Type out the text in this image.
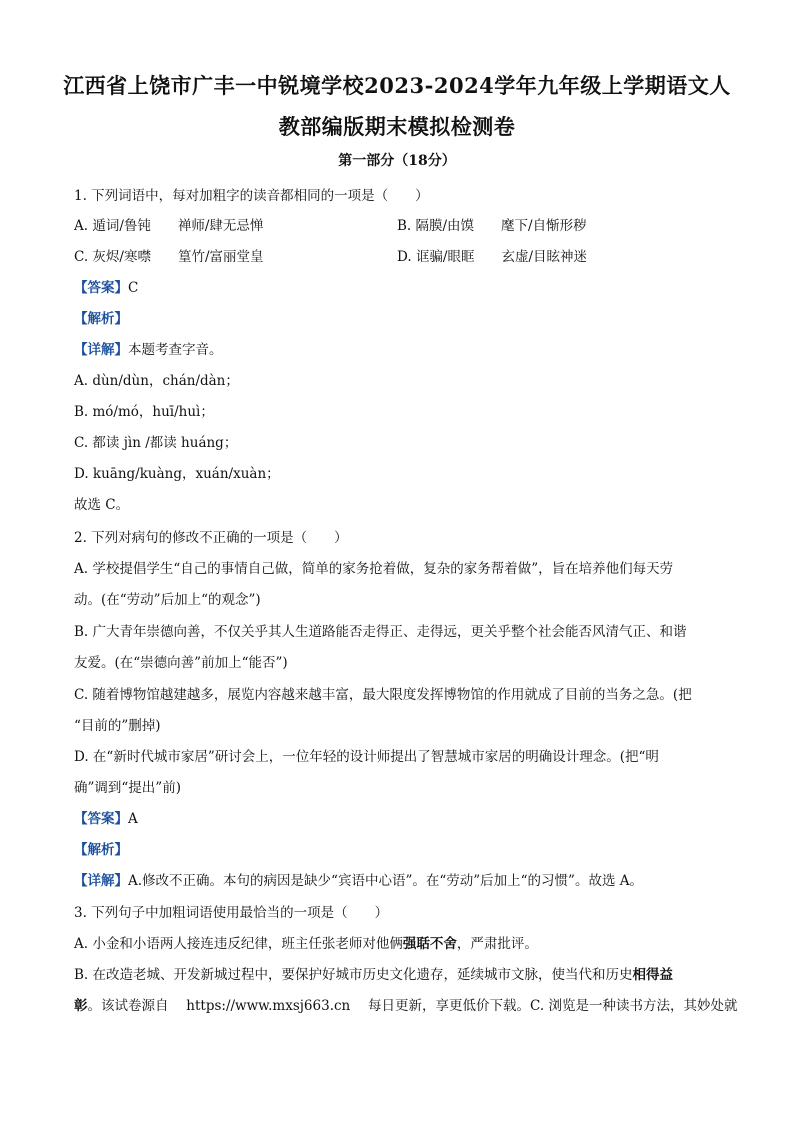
江西省上饶市广丰一中锐境学校2023-2024学年九年级上学期语文人
教部编版期末模拟检测卷
第一部分（18分）
1. 下列词语中，每对加粗字的读音都相同的一项是（　　）
A. 遁词/鲁钝　　禅师/肆无忌惮	B. 隔膜/由馍　　麾下/自惭形秽
C. 灰烬/寒噤　　篁竹/富丽堂皇	D. 诓骗/眼眶　　玄虚/目眩神迷
【答案】C
【解析】
【详解】本题考查字音。
A. dùn/dùn，chán/dàn；
B. mó/mó，huī/huì；
C. 都读 jìn /都读 huáng；
D. kuāng/kuàng，xuán/xuàn；
故选 C。
2. 下列对病句的修改不正确的一项是（　　）
A. 学校提倡学生“自己的事情自己做，简单的家务抢着做，复杂的家务帮着做”，旨在培养他们每天劳
动。(在“劳动”后加上“的观念”)
B. 广大青年崇德向善，不仅关乎其人生道路能否走得正、走得远，更关乎整个社会能否风清气正、和谐
友爱。(在“崇德向善”前加上“能否”)
C. 随着博物馆越建越多，展览内容越来越丰富，最大限度发挥博物馆的作用就成了目前的当务之急。(把
“目前的”删掉)
D. 在“新时代城市家居”研讨会上，一位年轻的设计师提出了智慧城市家居的明确设计理念。(把“明
确”调到“提出”前)
【答案】A
【解析】
【详解】A.修改不正确。本句的病因是缺少“宾语中心语”。在“劳动”后加上“的习惯”。故选 A。
3. 下列句子中加粗词语使用最恰当的一项是（　　）
A. 小金和小语两人接连违反纪律，班主任张老师对他俩强聒不舍，严肃批评。
B. 在改造老城、开发新城过程中，要保护好城市历史文化遗存，延续城市文脉，使当代和历史相得益
彰。该试卷源自　 https://www.mxsj663.cn　 每日更新，享更低价下载。C. 浏览是一种读书方法，其妙处就
